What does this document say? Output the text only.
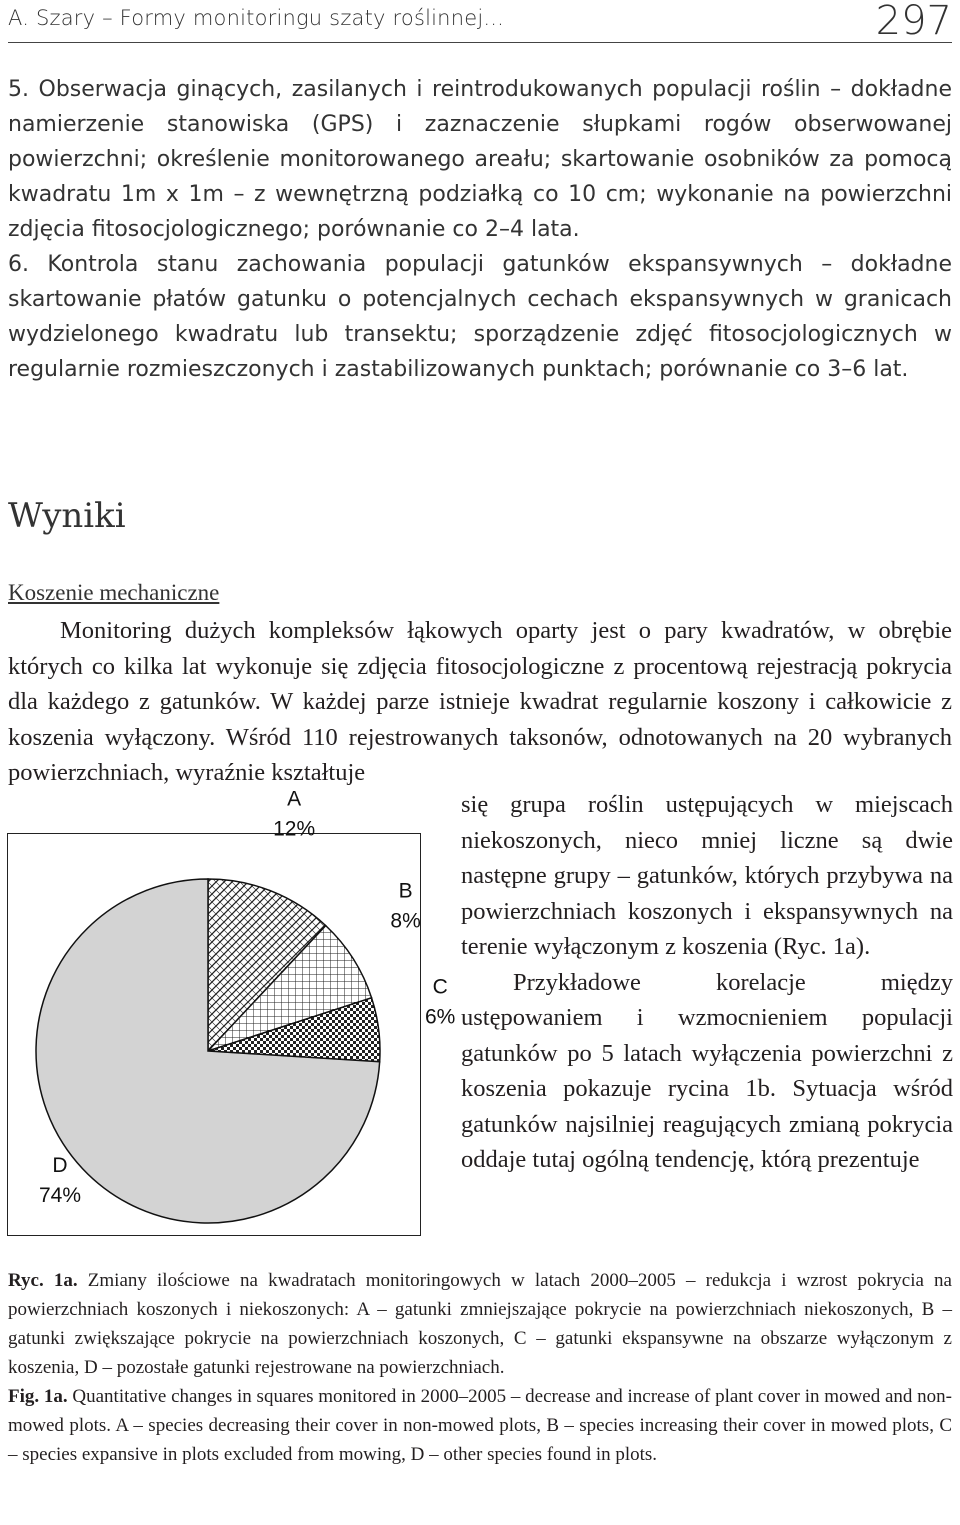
A. Szary – Formy monitoringu szaty roślinnej...	297

5. Obserwacja ginących, zasilanych i reintrodukowanych populacji roślin – dokładne namierzenie stanowiska (GPS) i zaznaczenie słupkami rogów obserwowanej powierzchni; określenie monitorowanego areału; skartowanie osobników za pomocą kwadratu 1m x 1m – z wewnętrzną podziałką co 10 cm; wykonanie na powierzchni zdjęcia fitosocjologicznego; porównanie co 2–4 lata.

6. Kontrola stanu zachowania populacji gatunków ekspansywnych – dokładne skartowanie płatów gatunku o potencjalnych cechach ekspansywnych w granicach wydzielonego kwadratu lub transektu; sporządzenie zdjęć fitosocjologicznych w regularnie rozmieszczonych i zastabilizowanych punktach; porównanie co 3–6 lat.

Wyniki
Koszenie mechaniczne

Monitoring dużych kompleksów łąkowych oparty jest o pary kwadratów, w obrębie których co kilka lat wykonuje się zdjęcia fitosocjologiczne z procentową rejestracją pokrycia dla każdego z gatunków. W każdej parze istnieje kwadrat regularnie koszony i całkowicie z koszenia wyłączony. Wśród 110 rejestrowanych taksonów, odnotowanych na 20 wybranych powierzchniach, wyraźnie kształtuje

się grupa roślin ustępujących w miejscach niekoszonych, nieco mniej liczne są dwie następne grupy – gatunków, których przybywa na powierzchniach koszonych i ekspansywnych na terenie wyłączonym z koszenia (Ryc. 1a).

Przykładowe korelacje między ustępowaniem i wzmocnieniem populacji gatunków po 5 latach wyłączenia powierzchni z koszenia pokazuje rycina 1b. Sytuacja wśród gatunków najsilniej reagujących zmianą pokrycia oddaje tutaj ogólną tendencję, którą prezentuje

A
12%
B
8%
C
6%
D
74%

Ryc. 1a. Zmiany ilościowe na kwadratach monitoringowych w latach 2000–2005 – redukcja i wzrost pokrycia na powierzchniach koszonych i niekoszonych: A – gatunki zmniejszające pokrycie na powierzchniach niekoszonych, B – gatunki zwiększające pokrycie na powierzchniach koszonych, C – gatunki ekspansywne na obszarze wyłączonym z koszenia, D – pozostałe gatunki rejestrowane na powierzchniach.

Fig. 1a. Quantitative changes in squares monitored in 2000–2005 – decrease and increase of plant cover in mowed and non-mowed plots. A – species decreasing their cover in non-mowed plots, B – species increasing their cover in mowed plots, C – species expansive in plots excluded from mowing, D – other species found in plots.
